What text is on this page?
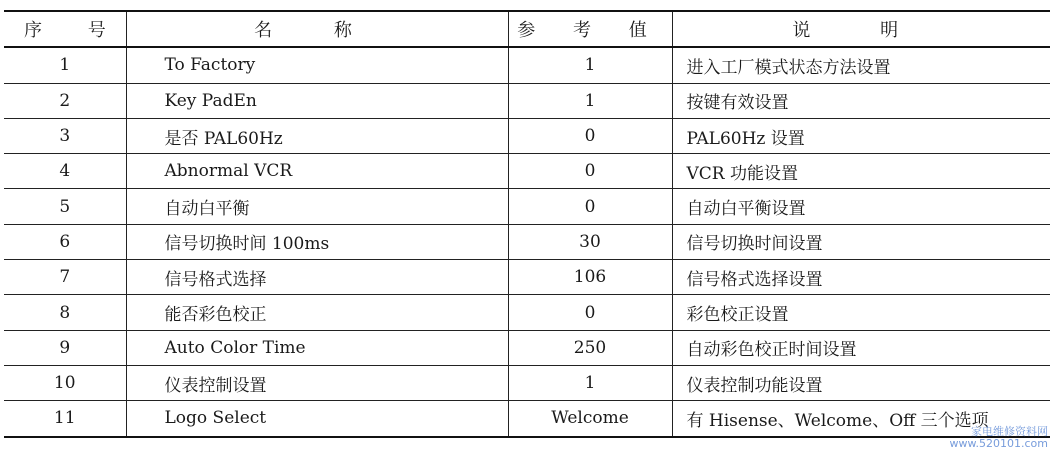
序 号	名 称	参 考 值	说 明
1	To Factory	1	进入工厂模式状态方法设置
2	Key PadEn	1	按键有效设置
3	是否 PAL60Hz	0	PAL60Hz 设置
4	Abnormal VCR	0	VCR 功能设置
5	自动白平衡	0	自动白平衡设置
6	信号切换时间 100ms	30	信号切换时间设置
7	信号格式选择	106	信号格式选择设置
8	能否彩色校正	0	彩色校正设置
9	Auto Color Time	250	自动彩色校正时间设置
10	仪表控制设置	1	仪表控制功能设置
11	Logo Select	Welcome	有 Hisense、Welcome、Off 三个选项
家电维修资料网
www.520101.com
